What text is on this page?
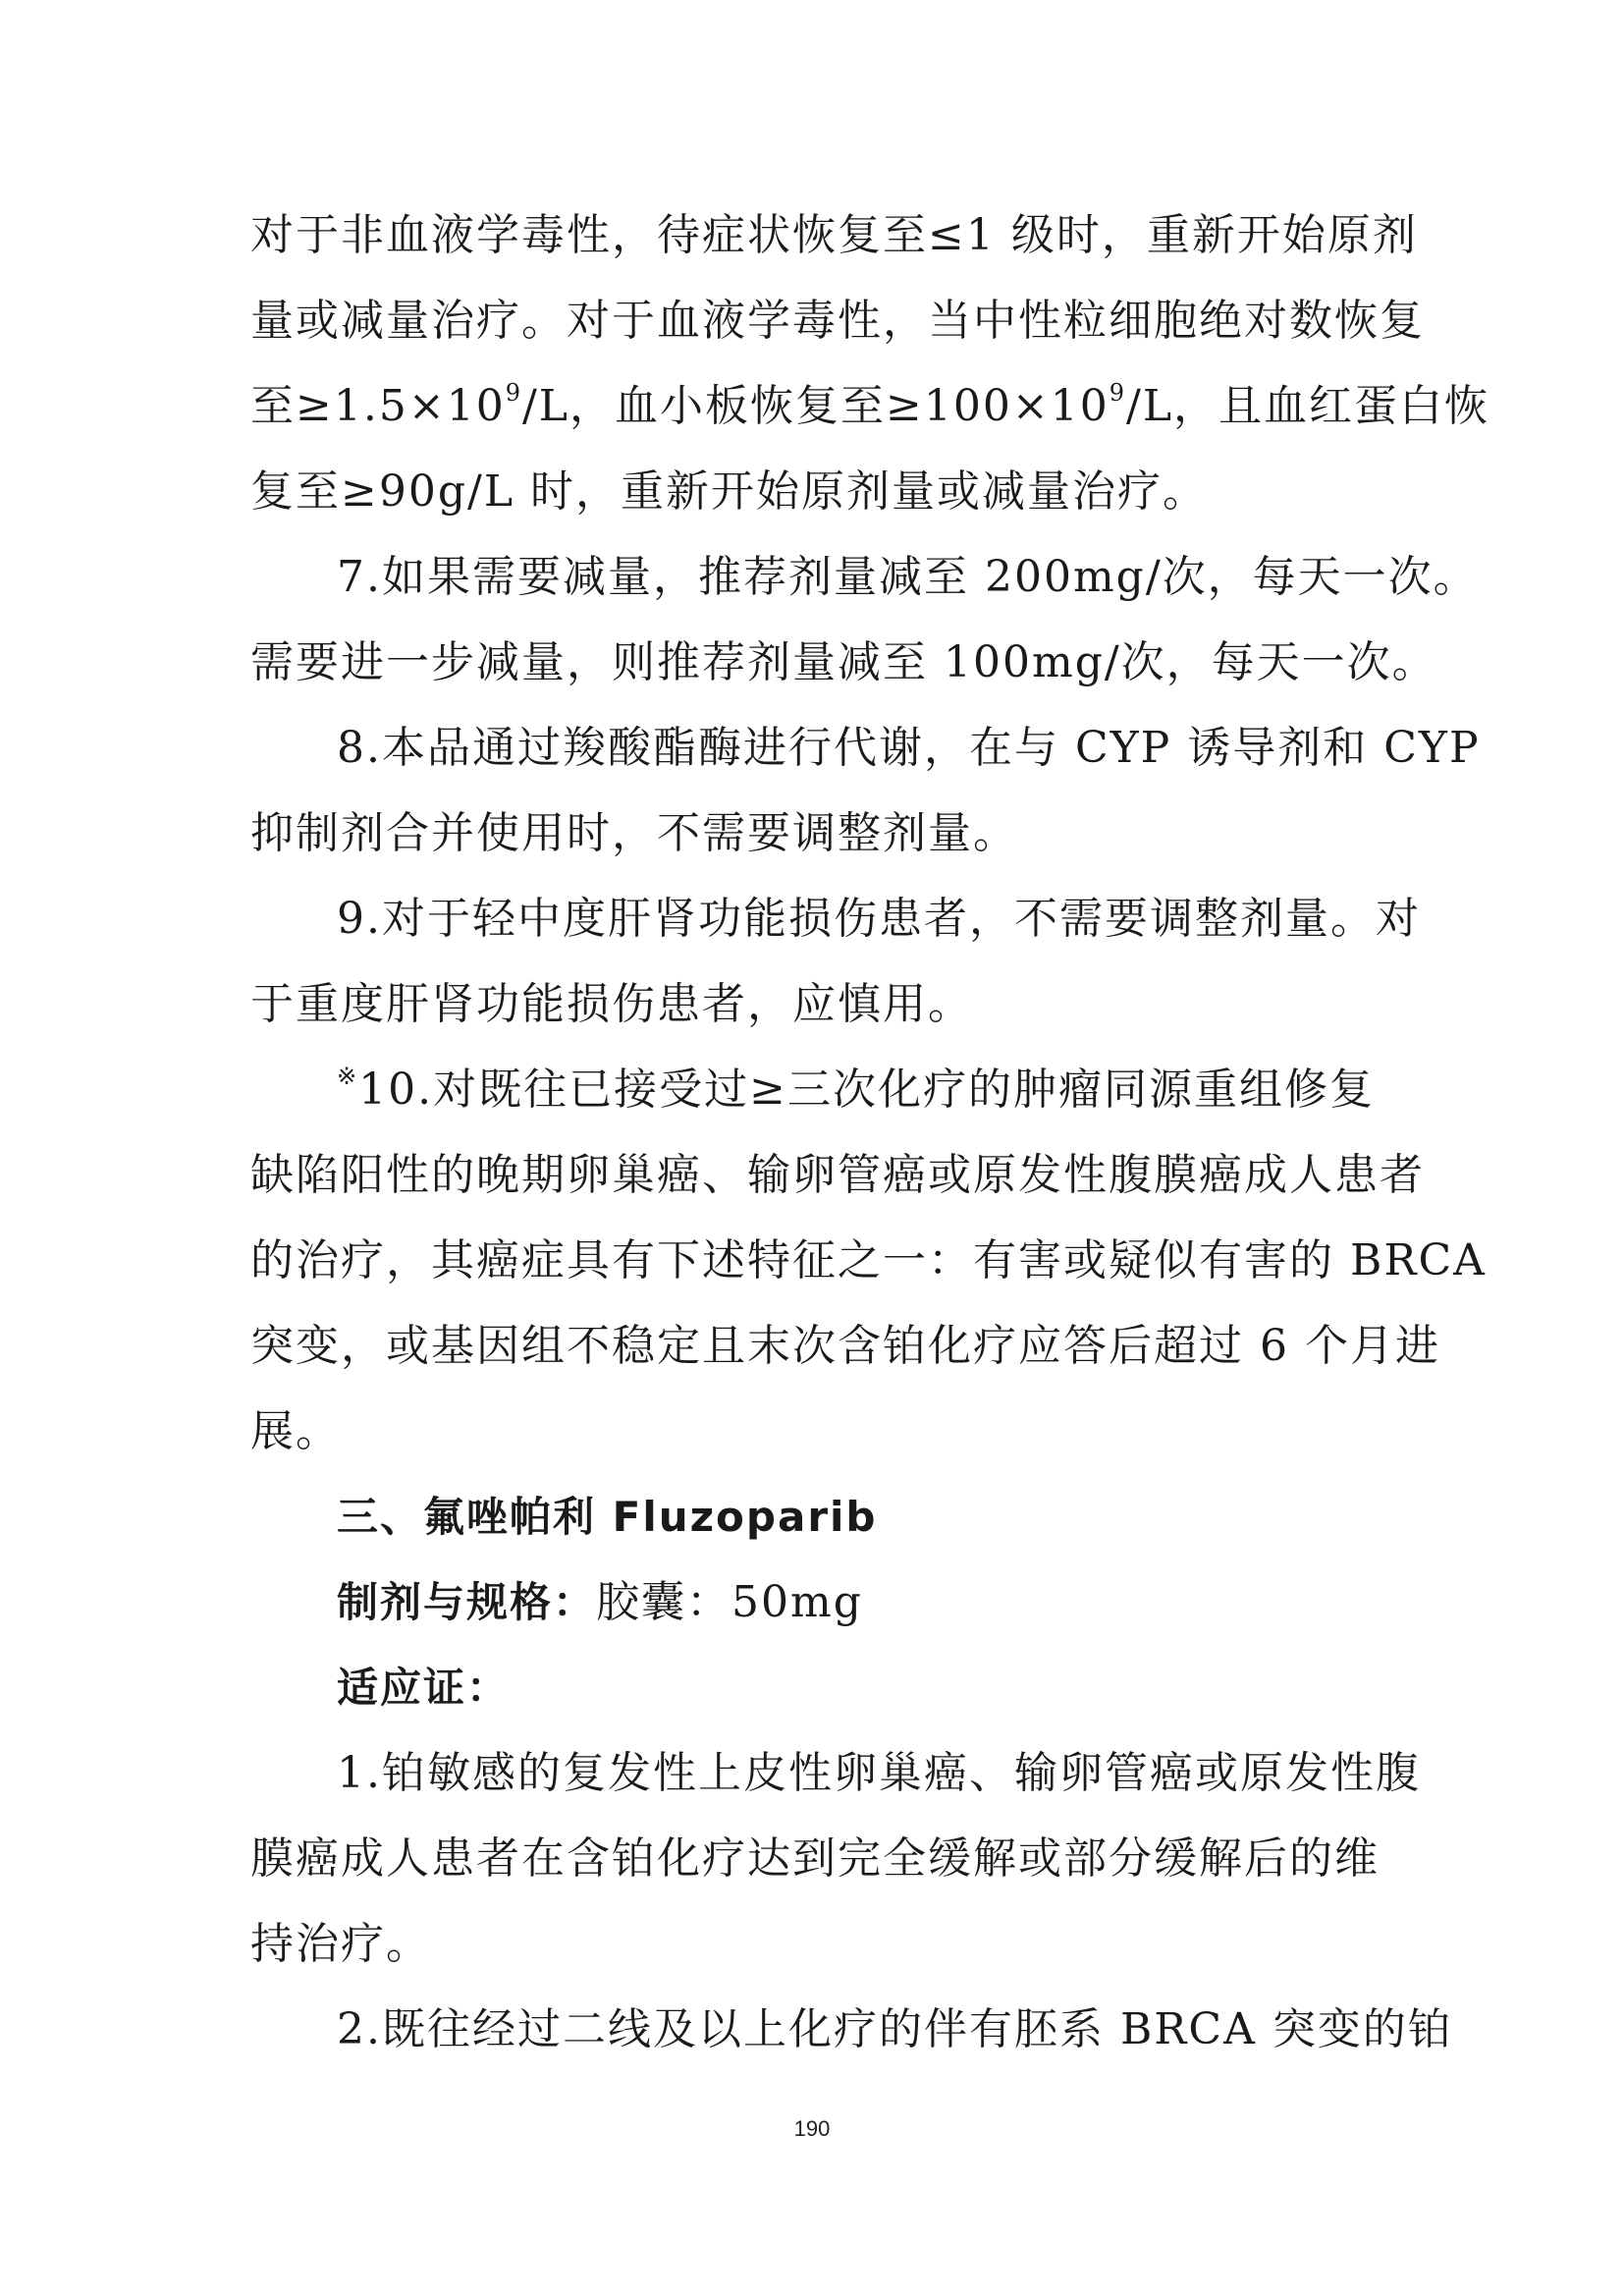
对于非血液学毒性，待症状恢复至≤1 级时，重新开始原剂
量或减量治疗。对于血液学毒性，当中性粒细胞绝对数恢复
至$\ge 1.5\times 10^9/L$，血小板恢复至$\ge 100\times 10^9/L$，且血红蛋白恢
复至≥90g/L 时，重新开始原剂量或减量治疗。
7.如果需要减量，推荐剂量减至 200mg/次，每天一次。
需要进一步减量，则推荐剂量减至 100mg/次，每天一次。
8.本品通过羧酸酯酶进行代谢，在与 CYP 诱导剂和 CYP
抑制剂合并使用时，不需要调整剂量。
9.对于轻中度肝肾功能损伤患者，不需要调整剂量。对
于重度肝肾功能损伤患者，应慎用。
※10.对既往已接受过≥三次化疗的肿瘤同源重组修复
缺陷阳性的晚期卵巢癌、输卵管癌或原发性腹膜癌成人患者
的治疗，其癌症具有下述特征之一：有害或疑似有害的 BRCA
突变，或基因组不稳定且末次含铂化疗应答后超过 6 个月进
展。
三、氟唑帕利 Fluzoparib
制剂与规格：胶囊：50mg
适应证：
1.铂敏感的复发性上皮性卵巢癌、输卵管癌或原发性腹
膜癌成人患者在含铂化疗达到完全缓解或部分缓解后的维
持治疗。
2.既往经过二线及以上化疗的伴有胚系 BRCA 突变的铂
190
